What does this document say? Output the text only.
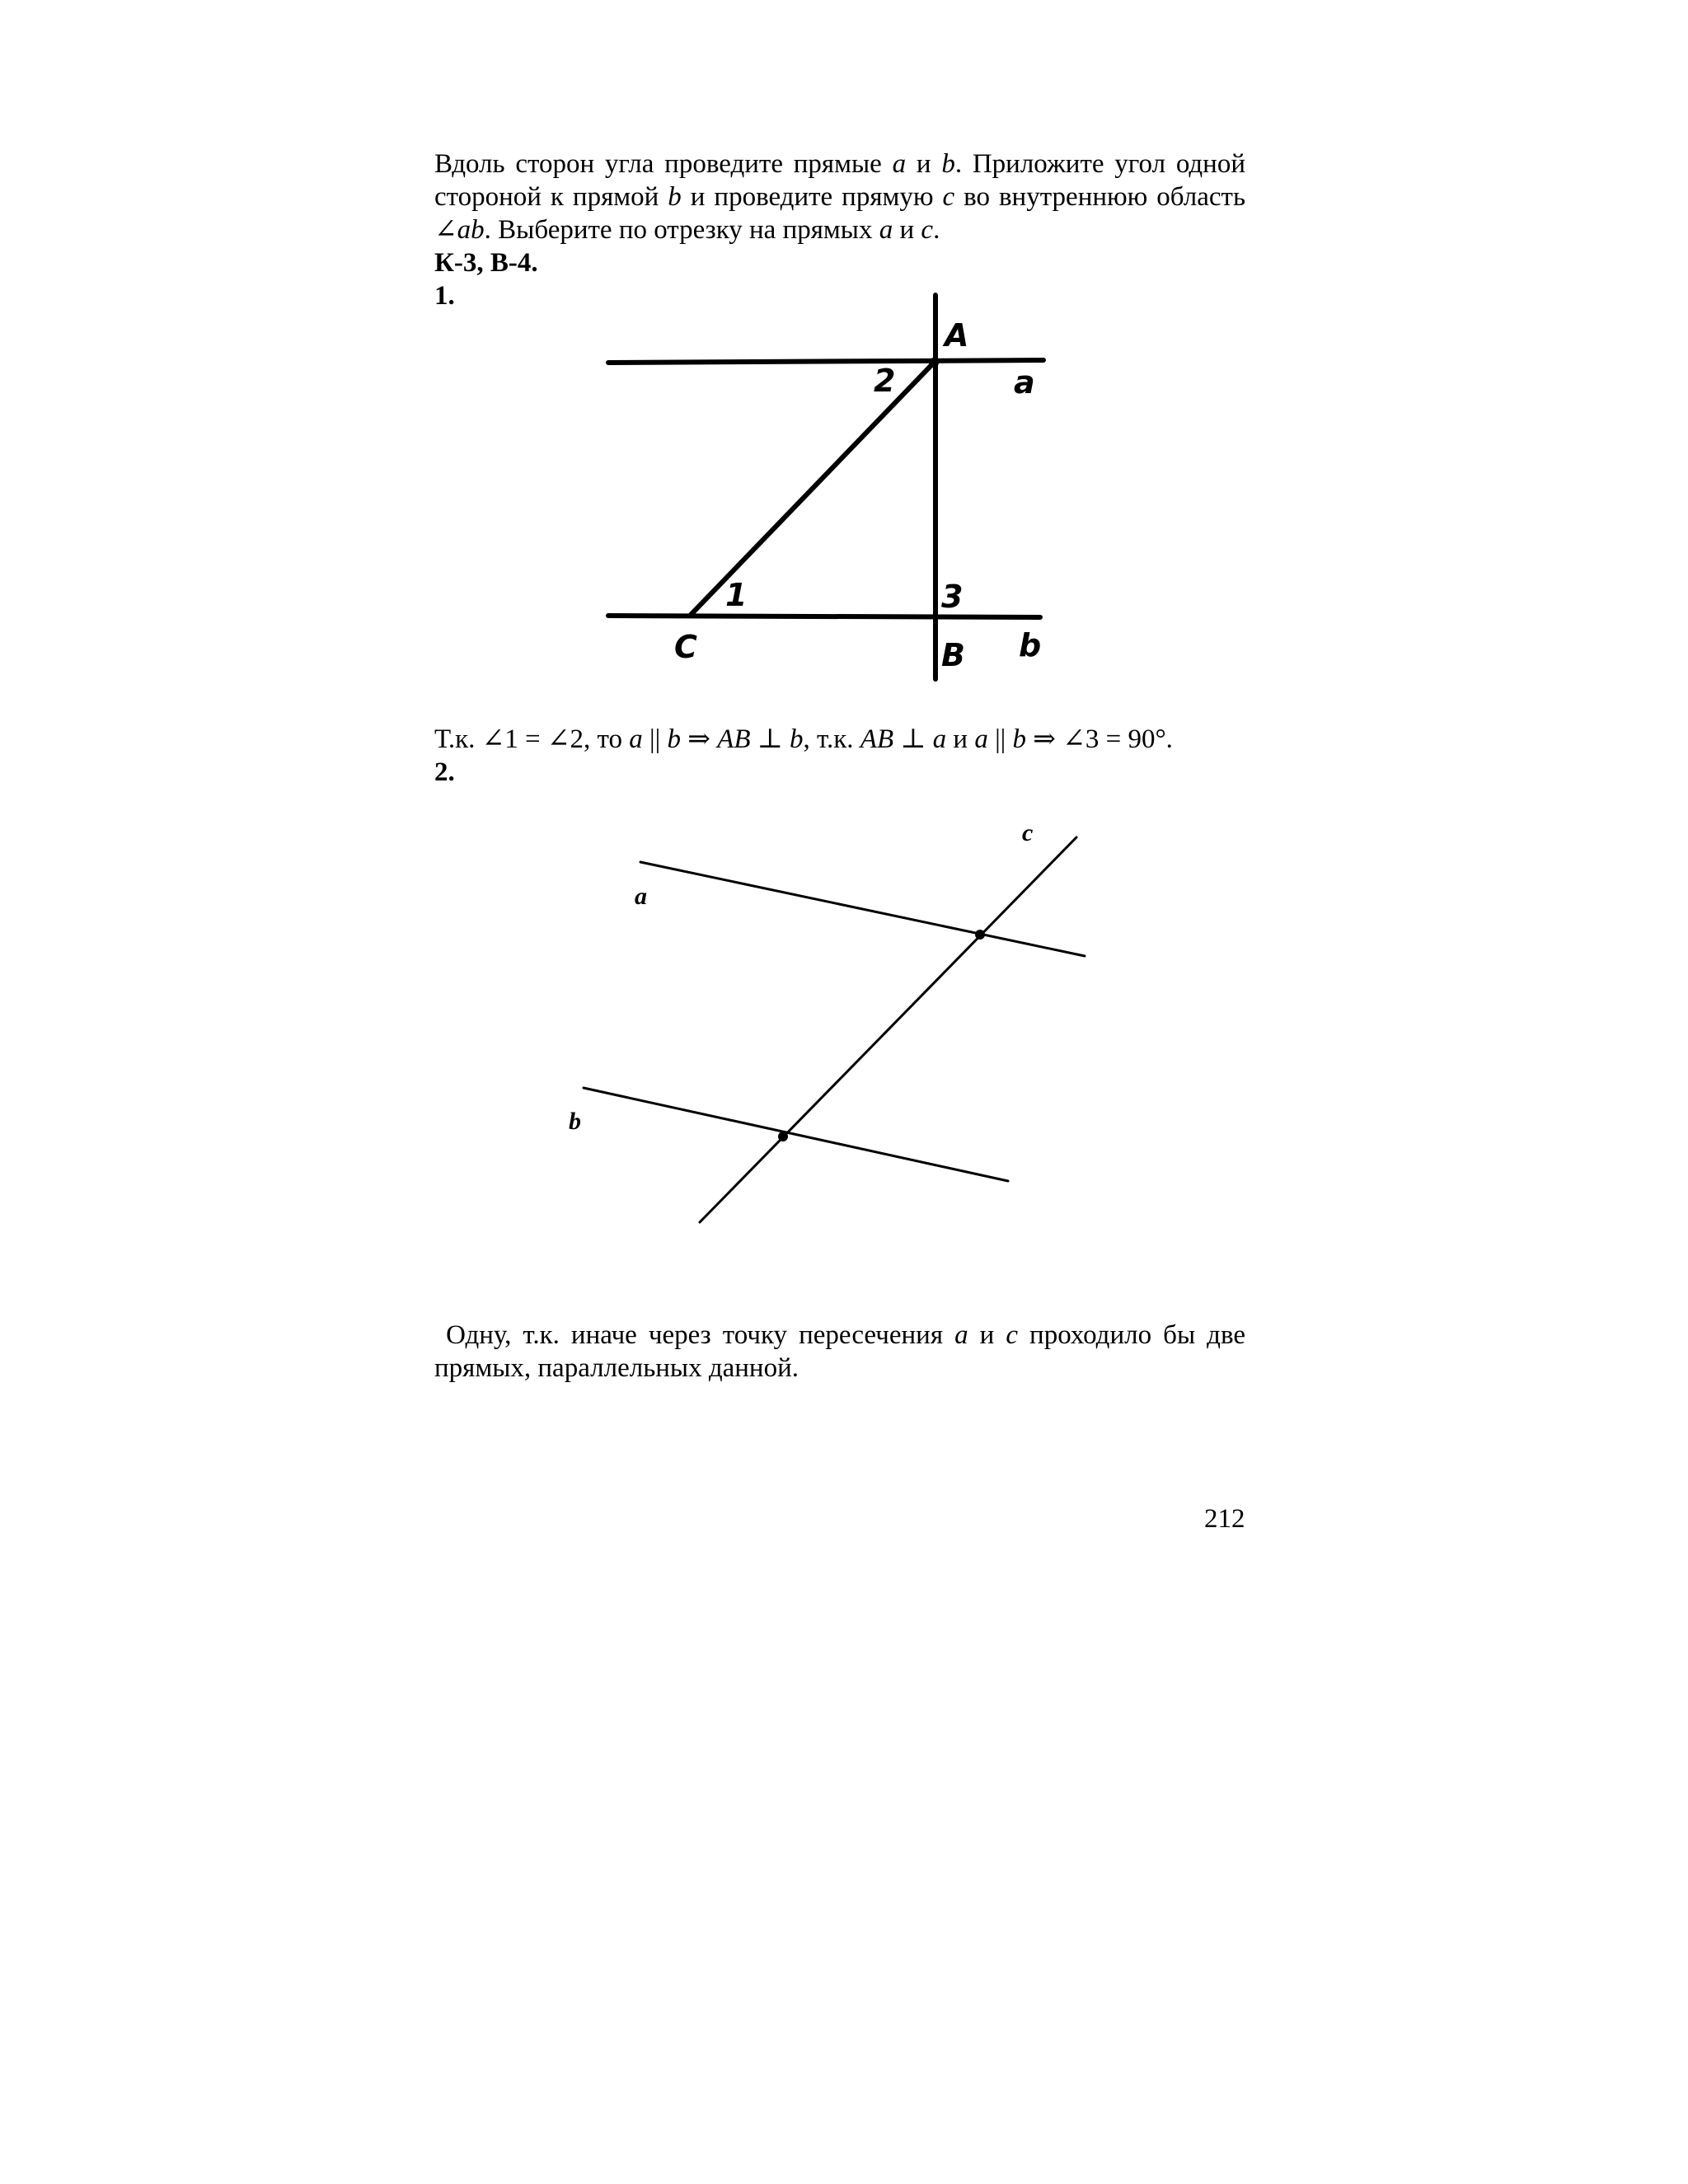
Вдоль сторон угла проведите прямые a и b. Приложите угол одной
стороной к прямой b и проведите прямую c во внутреннюю область
∠ab. Выберите по отрезку на прямых a и c.
К-3, В-4.
1.
A
a
2
1	3
C	B b
Т.к. ∠1 = ∠2, то a || b ⇒ AB ⊥ b, т.к. AB ⊥ a и a || b ⇒ ∠3 = 90°.
2.
c
a
b
Одну, т.к. иначе через точку пересечения a и c проходило бы две
прямых, параллельных данной.
212
